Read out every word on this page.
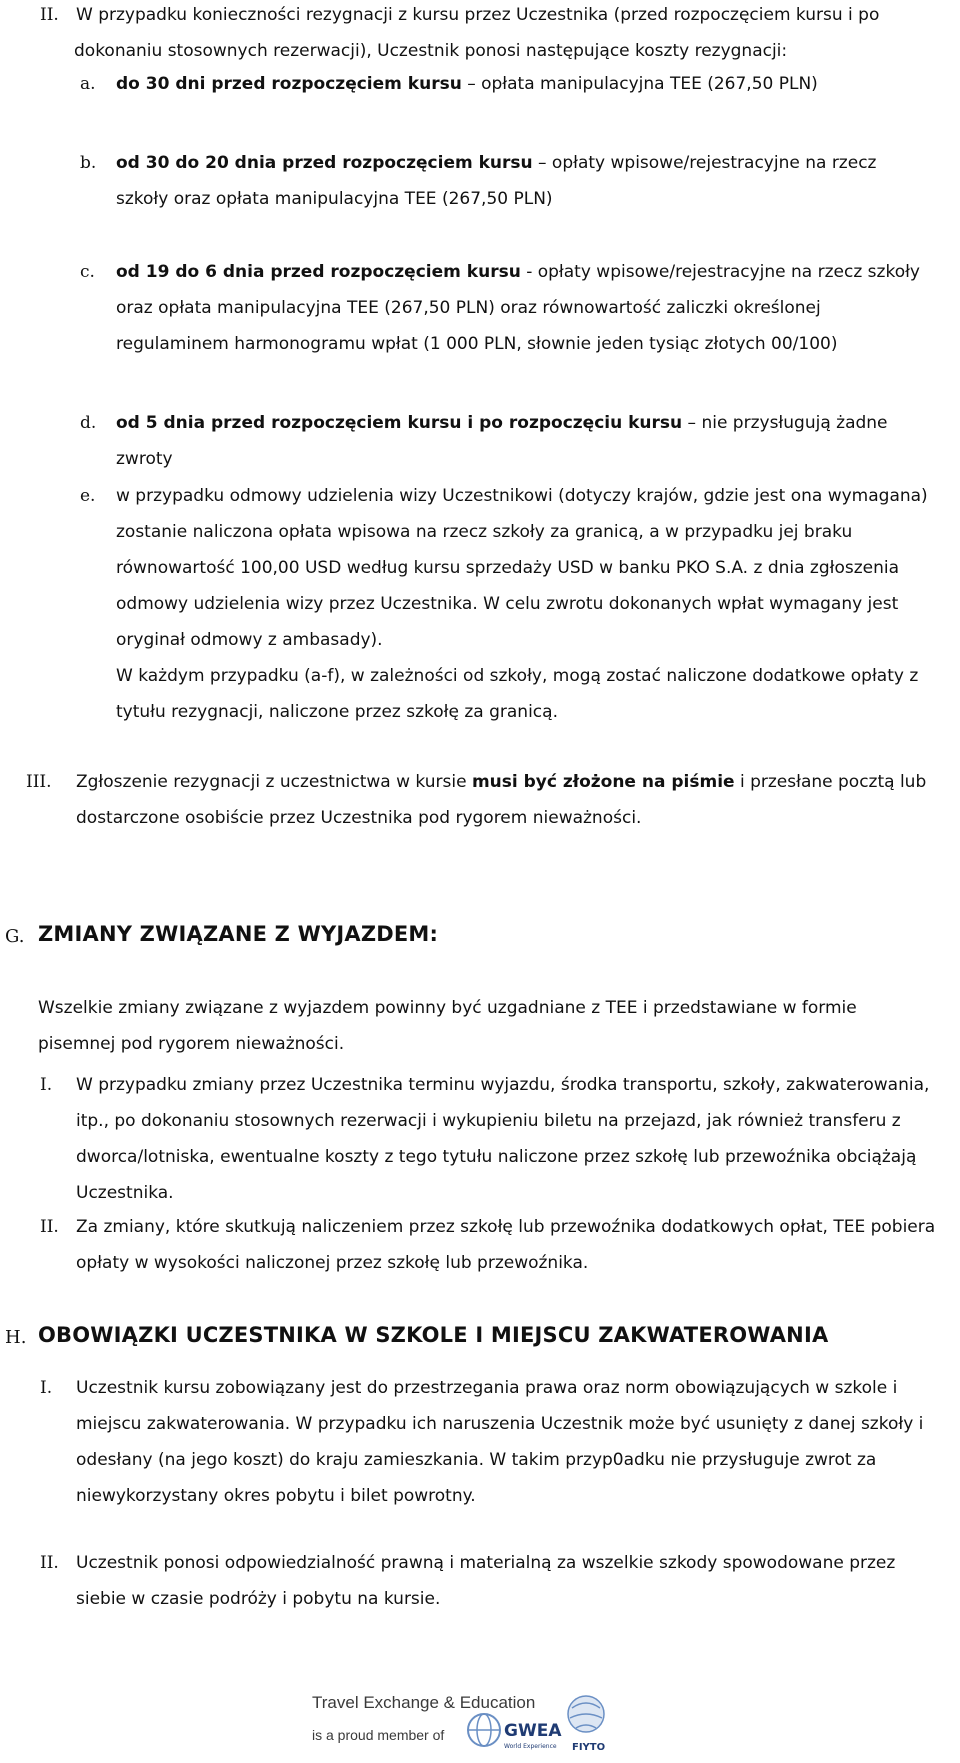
II. W przypadku konieczności rezygnacji z kursu przez Uczestnika (przed rozpoczęciem kursu i po
dokonaniu stosownych rezerwacji), Uczestnik ponosi następujące koszty rezygnacji:
a. do 30 dni przed rozpoczęciem kursu – opłata manipulacyjna TEE (267,50 PLN)
b. od 30 do 20 dnia przed rozpoczęciem kursu – opłaty wpisowe/rejestracyjne na rzecz
szkoły oraz opłata manipulacyjna TEE (267,50 PLN)
c. od 19 do 6 dnia przed rozpoczęciem kursu - opłaty wpisowe/rejestracyjne na rzecz szkoły
oraz opłata manipulacyjna TEE (267,50 PLN) oraz równowartość zaliczki określonej
regulaminem harmonogramu wpłat (1 000 PLN, słownie jeden tysiąc złotych 00/100)
d. od 5 dnia przed rozpoczęciem kursu i po rozpoczęciu kursu – nie przysługują żadne
zwroty
e. w przypadku odmowy udzielenia wizy Uczestnikowi (dotyczy krajów, gdzie jest ona wymagana)
zostanie naliczona opłata wpisowa na rzecz szkoły za granicą, a w przypadku jej braku
równowartość 100,00 USD według kursu sprzedaży USD w banku PKO S.A. z dnia zgłoszenia
odmowy udzielenia wizy przez Uczestnika. W celu zwrotu dokonanych wpłat wymagany jest
oryginał odmowy z ambasady).
W każdym przypadku (a-f), w zależności od szkoły, mogą zostać naliczone dodatkowe opłaty z
tytułu rezygnacji, naliczone przez szkołę za granicą.
III. Zgłoszenie rezygnacji z uczestnictwa w kursie musi być złożone na piśmie i przesłane pocztą lub
dostarczone osobiście przez Uczestnika pod rygorem nieważności.
G. ZMIANY ZWIĄZANE Z WYJAZDEM:
Wszelkie zmiany związane z wyjazdem powinny być uzgadniane z TEE i przedstawiane w formie
pisemnej pod rygorem nieważności.
I. W przypadku zmiany przez Uczestnika terminu wyjazdu, środka transportu, szkoły, zakwaterowania,
itp., po dokonaniu stosownych rezerwacji i wykupieniu biletu na przejazd, jak również transferu z
dworca/lotniska, ewentualne koszty z tego tytułu naliczone przez szkołę lub przewoźnika obciążają
Uczestnika.
II. Za zmiany, które skutkują naliczeniem przez szkołę lub przewoźnika dodatkowych opłat, TEE pobiera
opłaty w wysokości naliczonej przez szkołę lub przewoźnika.
H. OBOWIĄZKI UCZESTNIKA W SZKOLE I MIEJSCU ZAKWATEROWANIA
I. Uczestnik kursu zobowiązany jest do przestrzegania prawa oraz norm obowiązujących w szkole i
miejscu zakwaterowania. W przypadku ich naruszenia Uczestnik może być usunięty z danej szkoły i
odesłany (na jego koszt) do kraju zamieszkania. W takim przyp0adku nie przysługuje zwrot za
niewykorzystany okres pobytu i bilet powrotny.
II. Uczestnik ponosi odpowiedzialność prawną i materialną za wszelkie szkody spowodowane przez
siebie w czasie podróży i pobytu na kursie.
Travel Exchange & Education
is a proud member of	GWEA
World Experience FIYTO
